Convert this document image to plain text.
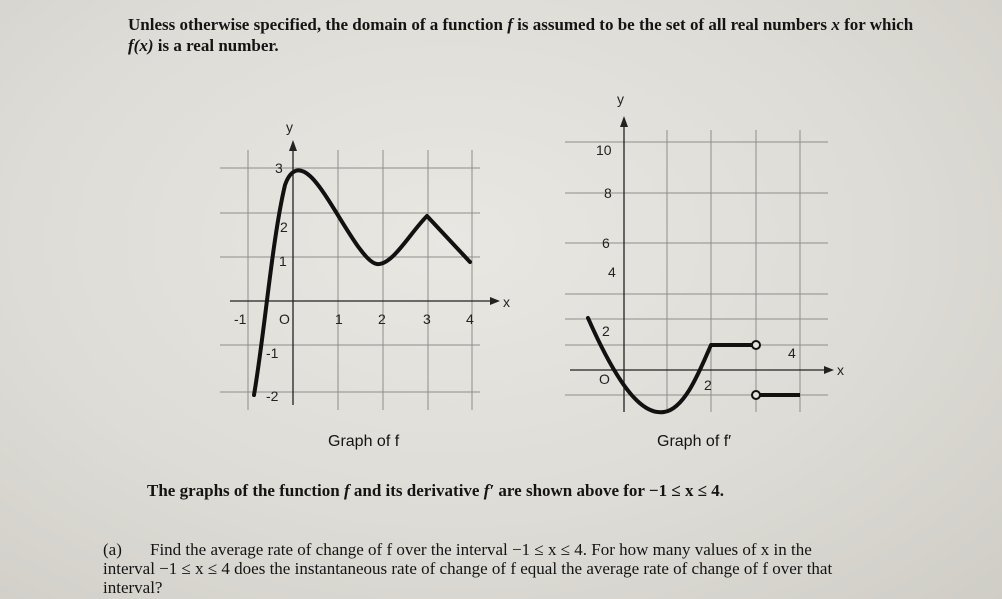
Unless otherwise specified, the domain of a function f is assumed to be the set of all real numbers x for which
f(x) is a real number.
y
x
O
-1	1	2	3	4
3
2
1
-1
-2
y
x
O	2
4
10
8
6
4
2
Graph of f	Graph of f′
The graphs of the function f and its derivative f′ are shown above for −1 ≤ x ≤ 4.
(a) Find the average rate of change of f over the interval −1 ≤ x ≤ 4. For how many values of x in the
interval −1 ≤ x ≤ 4 does the instantaneous rate of change of f equal the average rate of change of f over that
interval?
